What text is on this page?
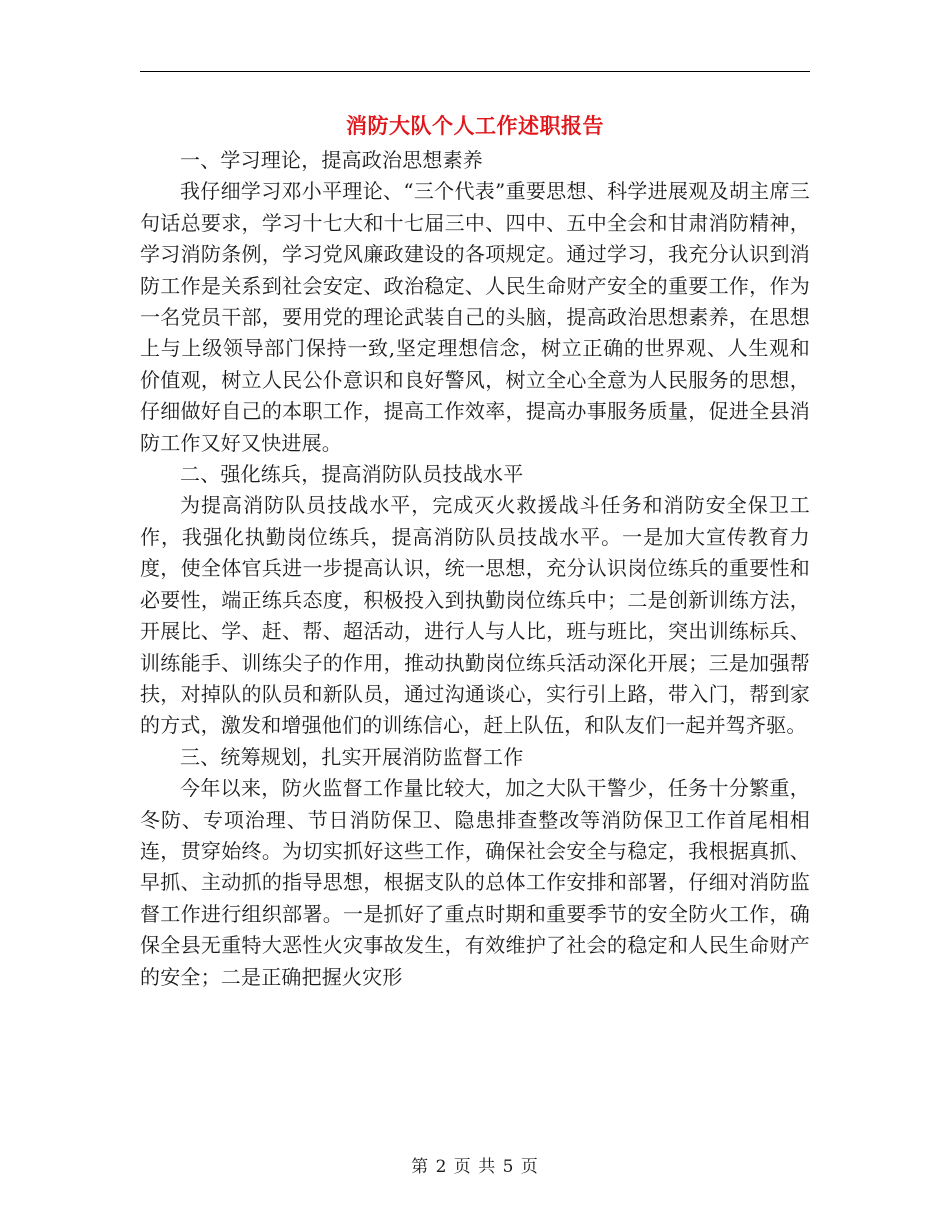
消防大队个人工作述职报告

一、学习理论，提高政治思想素养

我仔细学习邓小平理论、“三个代表”重要思想、科学进展观及胡主席三句话总要求，学习十七大和十七届三中、四中、五中全会和甘肃消防精神，学习消防条例，学习党风廉政建设的各项规定。通过学习，我充分认识到消防工作是关系到社会安定、政治稳定、人民生命财产安全的重要工作，作为一名党员干部，要用党的理论武装自己的头脑，提高政治思想素养，在思想上与上级领导部门保持一致,坚定理想信念，树立正确的世界观、人生观和价值观，树立人民公仆意识和良好警风，树立全心全意为人民服务的思想，仔细做好自己的本职工作，提高工作效率，提高办事服务质量，促进全县消防工作又好又快进展。

二、强化练兵，提高消防队员技战水平

为提高消防队员技战水平，完成灭火救援战斗任务和消防安全保卫工作，我强化执勤岗位练兵，提高消防队员技战水平。一是加大宣传教育力度，使全体官兵进一步提高认识，统一思想，充分认识岗位练兵的重要性和必要性，端正练兵态度，积极投入到执勤岗位练兵中；二是创新训练方法，开展比、学、赶、帮、超活动，进行人与人比，班与班比，突出训练标兵、训练能手、训练尖子的作用，推动执勤岗位练兵活动深化开展；三是加强帮扶，对掉队的队员和新队员，通过沟通谈心，实行引上路，带入门，帮到家的方式，激发和增强他们的训练信心，赶上队伍，和队友们一起并驾齐驱。

三、统筹规划，扎实开展消防监督工作

今年以来，防火监督工作量比较大，加之大队干警少，任务十分繁重，冬防、专项治理、节日消防保卫、隐患排查整改等消防保卫工作首尾相相连，贯穿始终。为切实抓好这些工作，确保社会安全与稳定，我根据真抓、早抓、主动抓的指导思想，根据支队的总体工作安排和部署，仔细对消防监督工作进行组织部署。一是抓好了重点时期和重要季节的安全防火工作，确保全县无重特大恶性火灾事故发生，有效维护了社会的稳定和人民生命财产的安全；二是正确把握火灾形

第 2 页 共 5 页
